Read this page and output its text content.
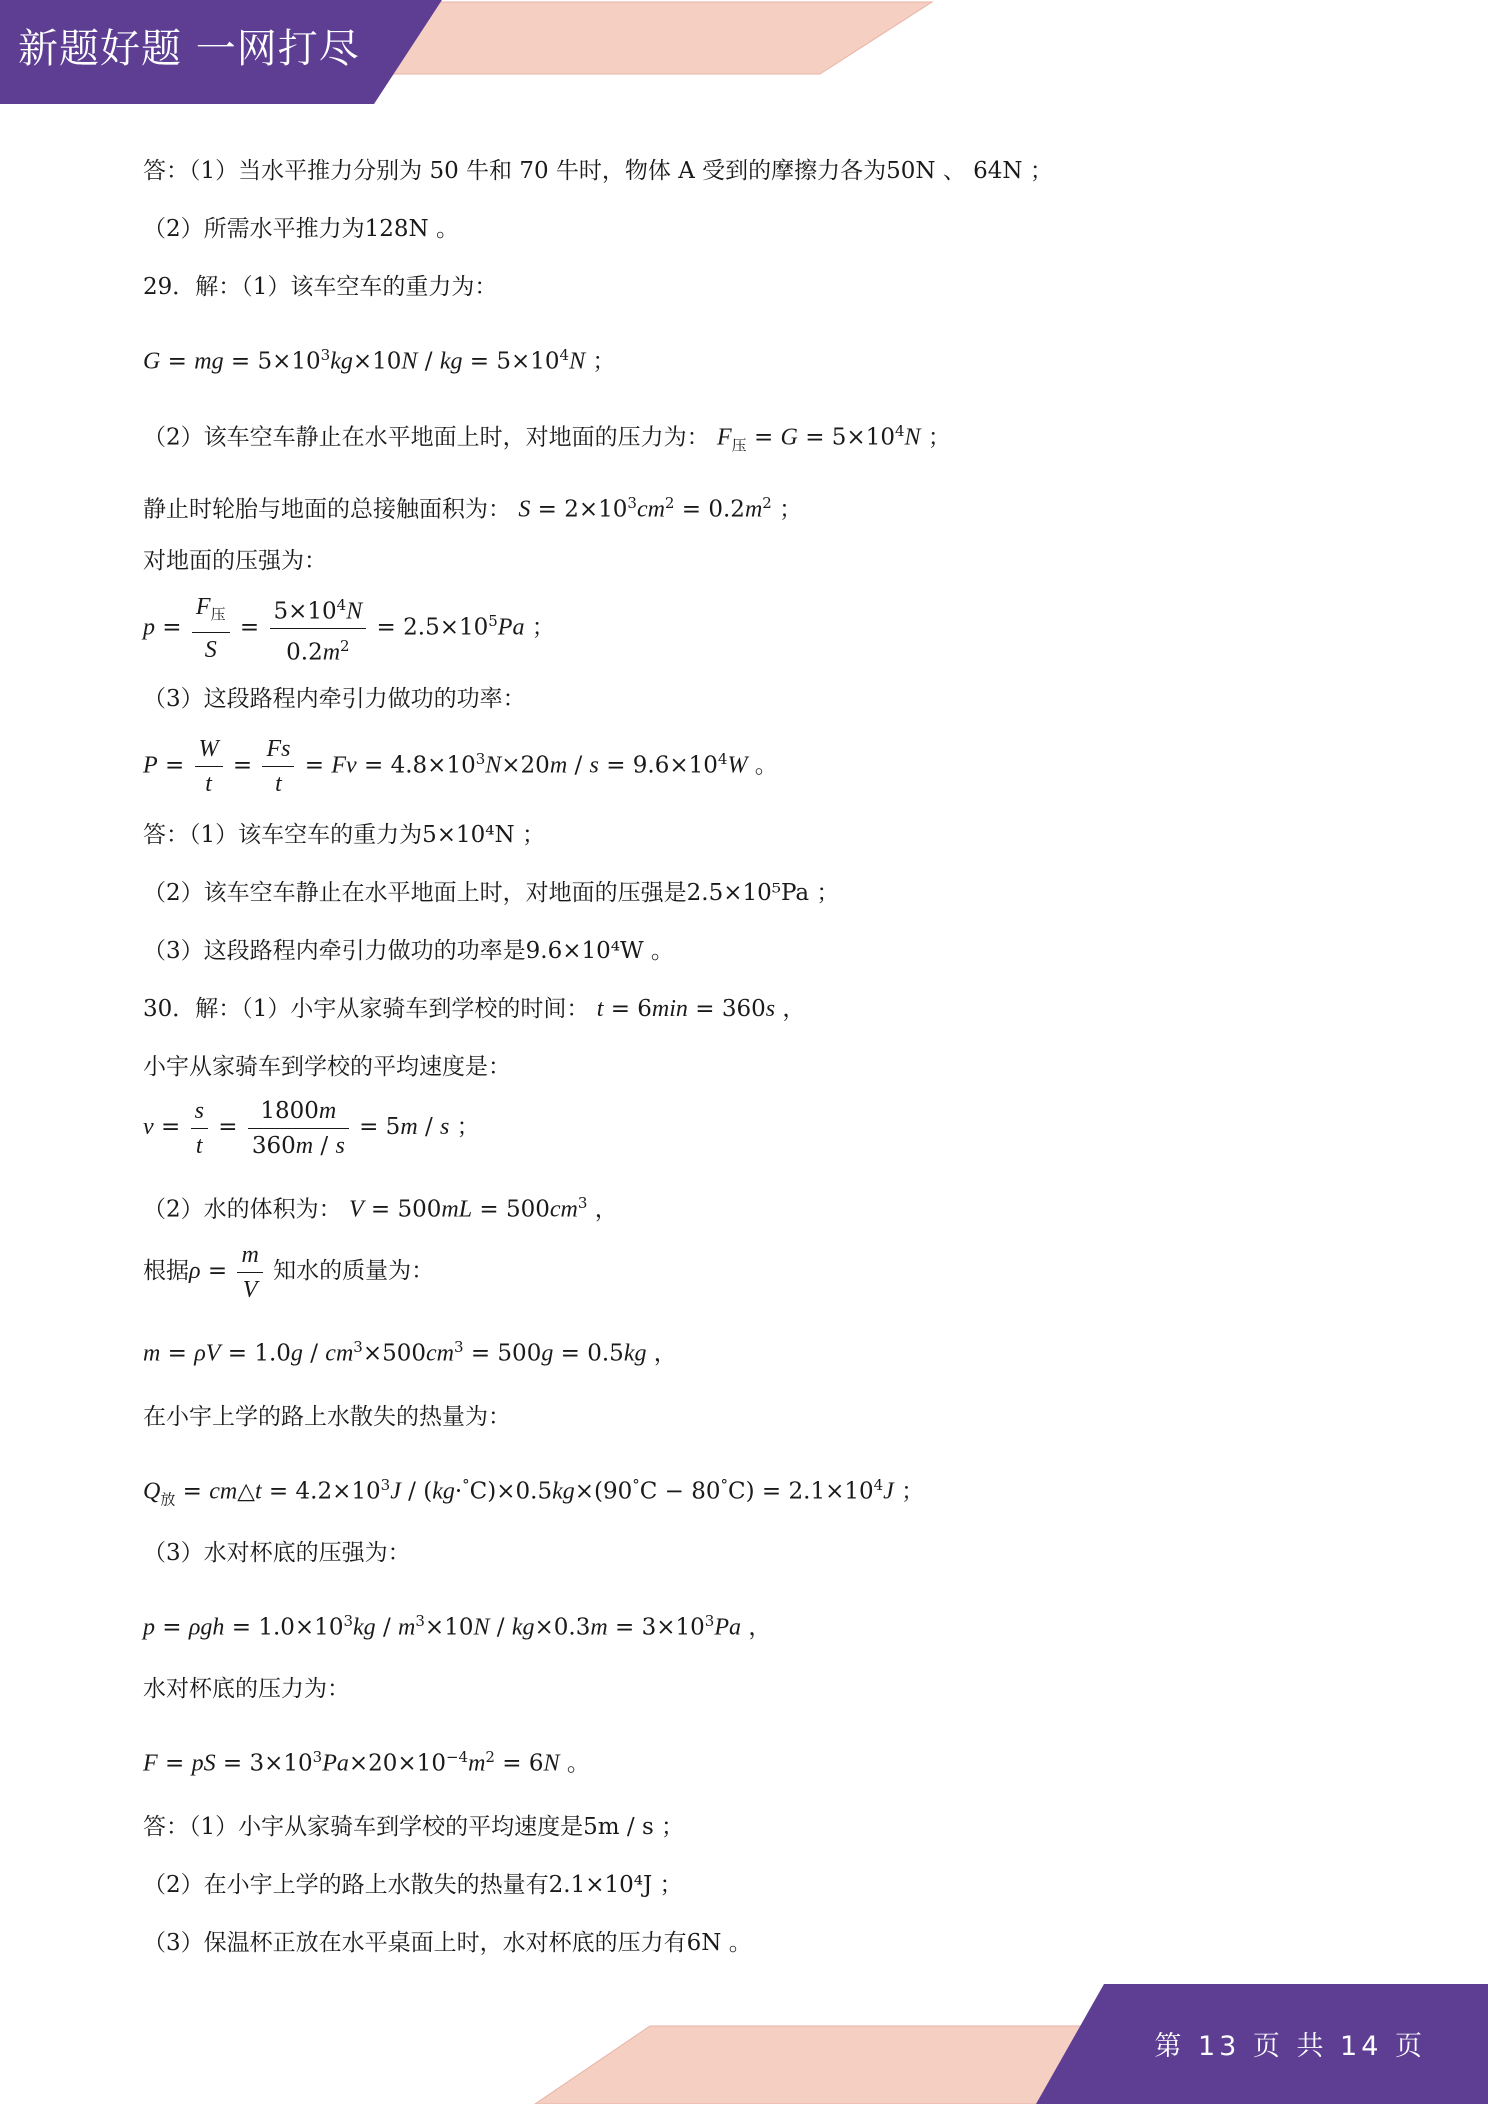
新题好题 一网打尽
答：（1）当水平推力分别为 50 牛和 70 牛时，物体 A 受到的摩擦力各为50N 、 64N ；
（2）所需水平推力为128N 。
29．解：（1）该车空车的重力为：
G = mg = $5\times 10^3kg\times 10N$ / kg = $5\times 10^4N$ ；
（2）该车空车静止在水平地面上时，对地面的压力为： $F_压 = G = 5\times 10^4N$ ；
静止时轮胎与地面的总接触面积为： $S = 2\times 10^3cm^2 = 0.2m^2$ ；
对地面的压强为：
$p = \frac{F_压}{S} = \frac{5\times 10^4N}{0.2m^2} = 2.5\times 10^5Pa$ ；
（3）这段路程内牵引力做功的功率：
$P = \frac{W}{t} = \frac{Fs}{t} = Fv = 4.8\times 10^3N\times 20m / s = 9.6\times 10^4W$ 。
答：（1）该车空车的重力为5×10⁴N ；
（2）该车空车静止在水平地面上时，对地面的压强是2.5×10⁵Pa ；
（3）这段路程内牵引力做功的功率是9.6×10⁴W 。
30．解：（1）小宇从家骑车到学校的时间： t = 6min = 360s ，
小宇从家骑车到学校的平均速度是：
$v = \frac{s}{t} = \frac{1800m}{360m / s} = 5m / s$ ；
（2）水的体积为： $V = 500mL = 500cm^3$ ，
根据$\rho = \frac{m}{V}$ 知水的质量为：
$m = \rho V = 1.0g / cm^3\times 500cm^3 = 500g = 0.5kg$ ，
在小宇上学的路上水散失的热量为：
$Q_放$ = cm△t = $4.2\times 10^3J / (kg\cdot^\circ C)\times 0.5kg\times(90^\circ C - 80^\circ C) = 2.1\times 10^4J$ ；
（3）水对杯底的压强为：
$p = \rho gh = 1.0\times 10^3kg / m^3\times 10N / kg\times 0.3m = 3\times 10^3Pa$ ，
水对杯底的压力为：
F = pS = $3\times 10^3Pa\times 20\times 10^{-4}m^2 = 6N$ 。
答：（1）小宇从家骑车到学校的平均速度是5m / s ；
（2）在小宇上学的路上水散失的热量有2.1×10⁴J ；
（3）保温杯正放在水平桌面上时，水对杯底的压力有6N 。
第 13 页 共 14 页
